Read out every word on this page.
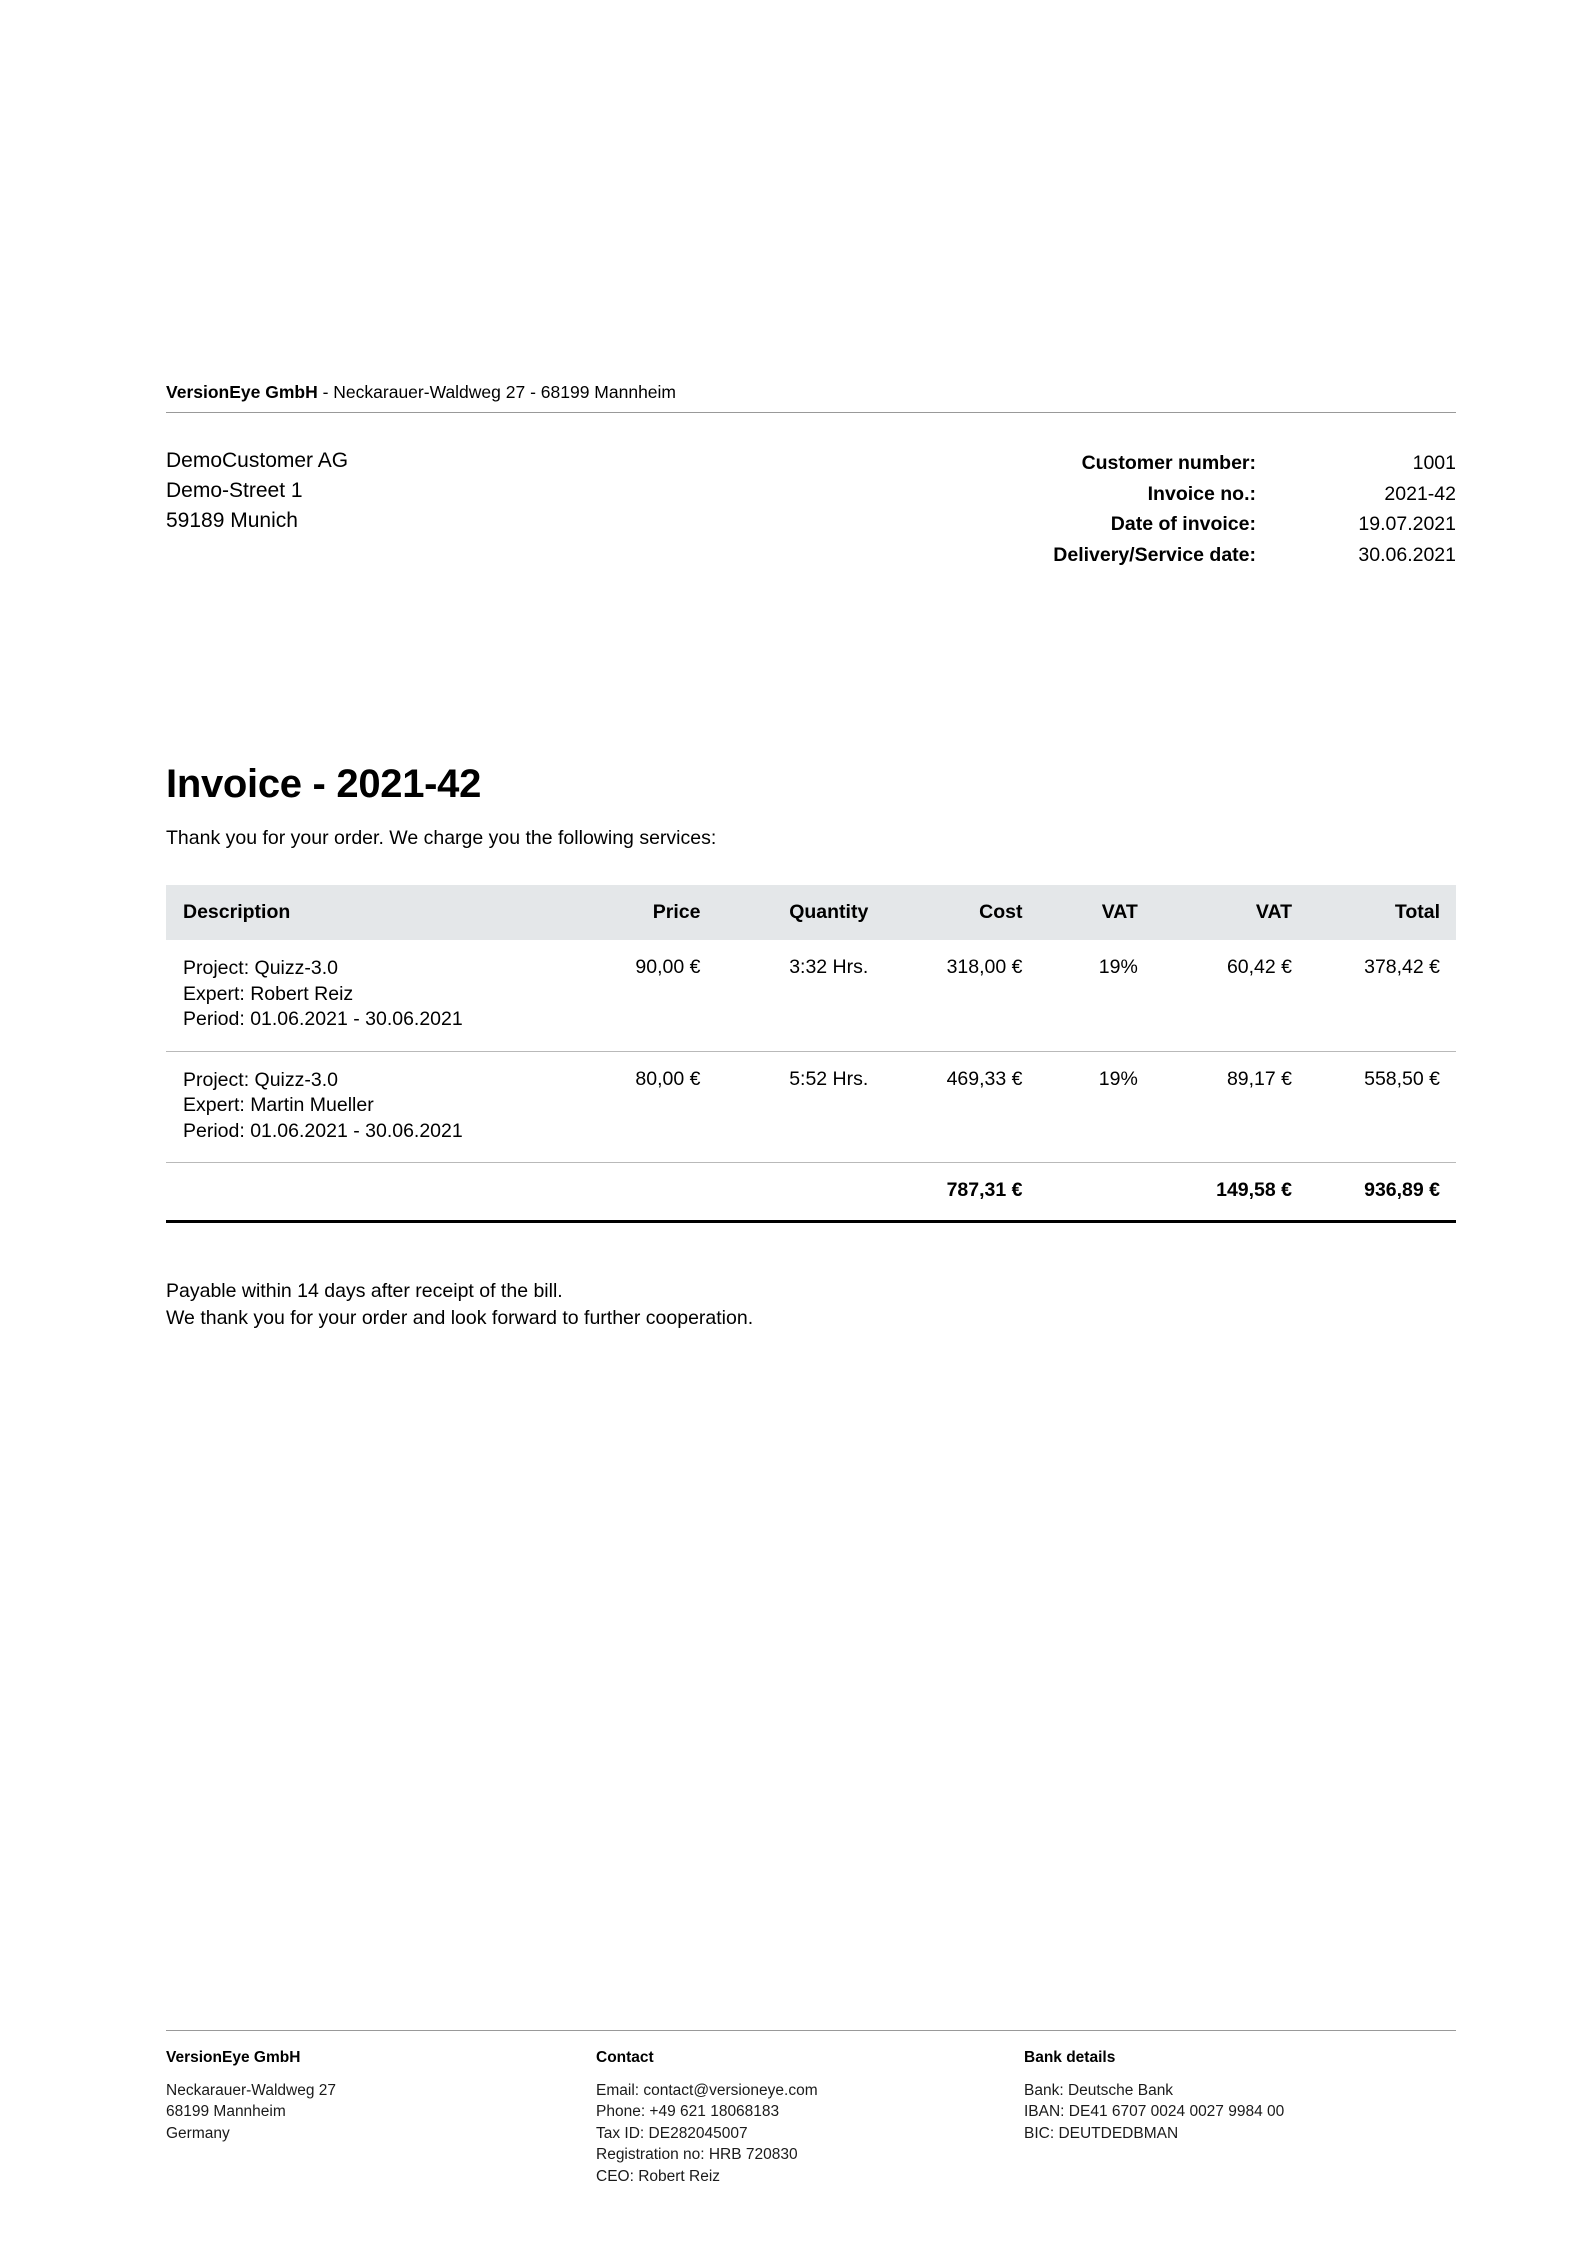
VersionEye GmbH - Neckarauer-Waldweg 27 - 68199 Mannheim
DemoCustomer AG
Demo-Street 1
59189 Munich
Customer number:	1001
Invoice no.:	2021-42
Date of invoice:	19.07.2021
Delivery/Service date:	30.06.2021
Invoice - 2021-42
Thank you for your order. We charge you the following services:
Description	Price	Quantity	Cost	VAT	VAT	Total

Project: Quizz-3.0
Expert: Robert Reiz
Period: 01.06.2021 - 30.06.2021	90,00 €	3:32 Hrs.	318,00 €	19%	60,42 €	378,42 €

Project: Quizz-3.0
Expert: Martin Mueller
Period: 01.06.2021 - 30.06.2021	80,00 €	5:52 Hrs.	469,33 €	19%	89,17 €	558,50 €
			787,31 €		149,58 €	936,89 €
Payable within 14 days after receipt of the bill.
We thank you for your order and look forward to further cooperation.
VersionEye GmbH
Neckarauer-Waldweg 27
68199 Mannheim
Germany
Contact
Email: contact@versioneye.com
Phone: +49 621 18068183
Tax ID: DE282045007
Registration no: HRB 720830
CEO: Robert Reiz
Bank details
Bank: Deutsche Bank
IBAN: DE41 6707 0024 0027 9984 00
BIC: DEUTDEDBMAN
